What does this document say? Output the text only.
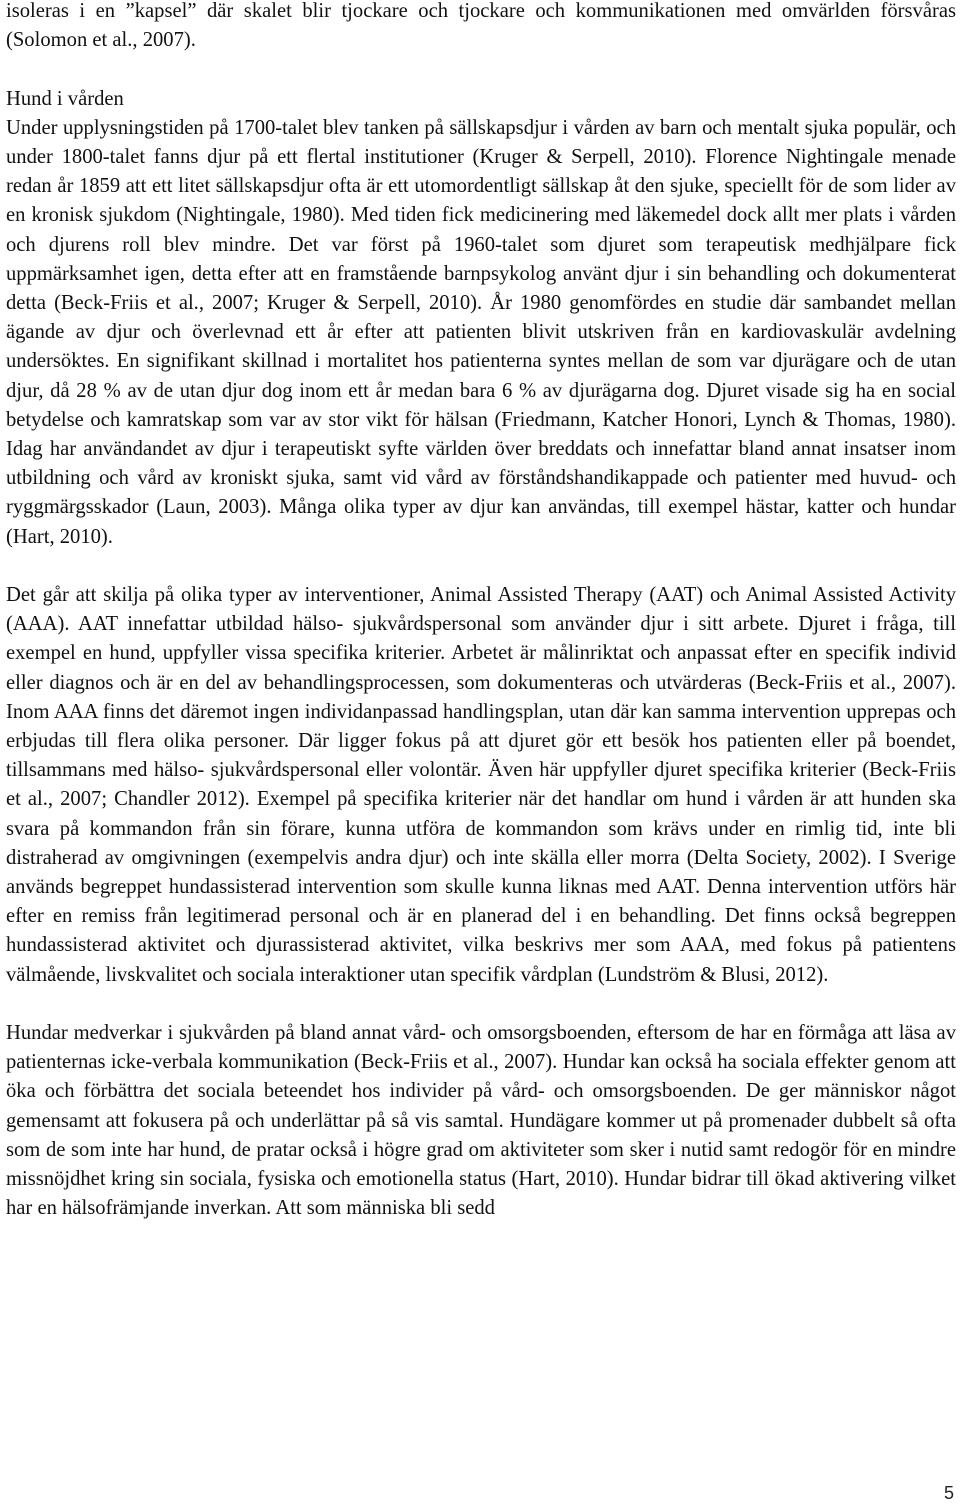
isoleras i en ”kapsel” där skalet blir tjockare och tjockare och kommunikationen med omvärlden försvåras (Solomon et al., 2007).

Hund i vården

Under upplysningstiden på 1700-talet blev tanken på sällskapsdjur i vården av barn och mentalt sjuka populär, och under 1800-talet fanns djur på ett flertal institutioner (Kruger & Serpell, 2010). Florence Nightingale menade redan år 1859 att ett litet sällskapsdjur ofta är ett utomordentligt sällskap åt den sjuke, speciellt för de som lider av en kronisk sjukdom (Nightingale, 1980). Med tiden fick medicinering med läkemedel dock allt mer plats i vården och djurens roll blev mindre. Det var först på 1960-talet som djuret som terapeutisk medhjälpare fick uppmärksamhet igen, detta efter att en framstående barnpsykolog använt djur i sin behandling och dokumenterat detta (Beck-Friis et al., 2007; Kruger & Serpell, 2010). År 1980 genomfördes en studie där sambandet mellan ägande av djur och överlevnad ett år efter att patienten blivit utskriven från en kardiovaskulär avdelning undersöktes. En signifikant skillnad i mortalitet hos patienterna syntes mellan de som var djurägare och de utan djur, då 28 % av de utan djur dog inom ett år medan bara 6 % av djurägarna dog. Djuret visade sig ha en social betydelse och kamratskap som var av stor vikt för hälsan (Friedmann, Katcher Honori, Lynch & Thomas, 1980). Idag har användandet av djur i terapeutiskt syfte världen över breddats och innefattar bland annat insatser inom utbildning och vård av kroniskt sjuka, samt vid vård av förståndshandikappade och patienter med huvud- och ryggmärgsskador (Laun, 2003). Många olika typer av djur kan användas, till exempel hästar, katter och hundar (Hart, 2010).

Det går att skilja på olika typer av interventioner, Animal Assisted Therapy (AAT) och Animal Assisted Activity (AAA). AAT innefattar utbildad hälso- sjukvårdspersonal som använder djur i sitt arbete. Djuret i fråga, till exempel en hund, uppfyller vissa specifika kriterier. Arbetet är målinriktat och anpassat efter en specifik individ eller diagnos och är en del av behandlingsprocessen, som dokumenteras och utvärderas (Beck-Friis et al., 2007). Inom AAA finns det däremot ingen individanpassad handlingsplan, utan där kan samma intervention upprepas och erbjudas till flera olika personer. Där ligger fokus på att djuret gör ett besök hos patienten eller på boendet, tillsammans med hälso- sjukvårdspersonal eller volontär. Även här uppfyller djuret specifika kriterier (Beck-Friis et al., 2007; Chandler 2012). Exempel på specifika kriterier när det handlar om hund i vården är att hunden ska svara på kommandon från sin förare, kunna utföra de kommandon som krävs under en rimlig tid, inte bli distraherad av omgivningen (exempelvis andra djur) och inte skälla eller morra (Delta Society, 2002). I Sverige används begreppet hundassisterad intervention som skulle kunna liknas med AAT. Denna intervention utförs här efter en remiss från legitimerad personal och är en planerad del i en behandling. Det finns också begreppen hundassisterad aktivitet och djurassisterad aktivitet, vilka beskrivs mer som AAA, med fokus på patientens välmående, livskvalitet och sociala interaktioner utan specifik vårdplan (Lundström & Blusi, 2012).

Hundar medverkar i sjukvården på bland annat vård- och omsorgsboenden, eftersom de har en förmåga att läsa av patienternas icke-verbala kommunikation (Beck-Friis et al., 2007). Hundar kan också ha sociala effekter genom att öka och förbättra det sociala beteendet hos individer på vård- och omsorgsboenden. De ger människor något gemensamt att fokusera på och underlättar på så vis samtal. Hundägare kommer ut på promenader dubbelt så ofta som de som inte har hund, de pratar också i högre grad om aktiviteter som sker i nutid samt redogör för en mindre missnöjdhet kring sin sociala, fysiska och emotionella status (Hart, 2010). Hundar bidrar till ökad aktivering vilket har en hälsofrämjande inverkan. Att som människa bli sedd

5
